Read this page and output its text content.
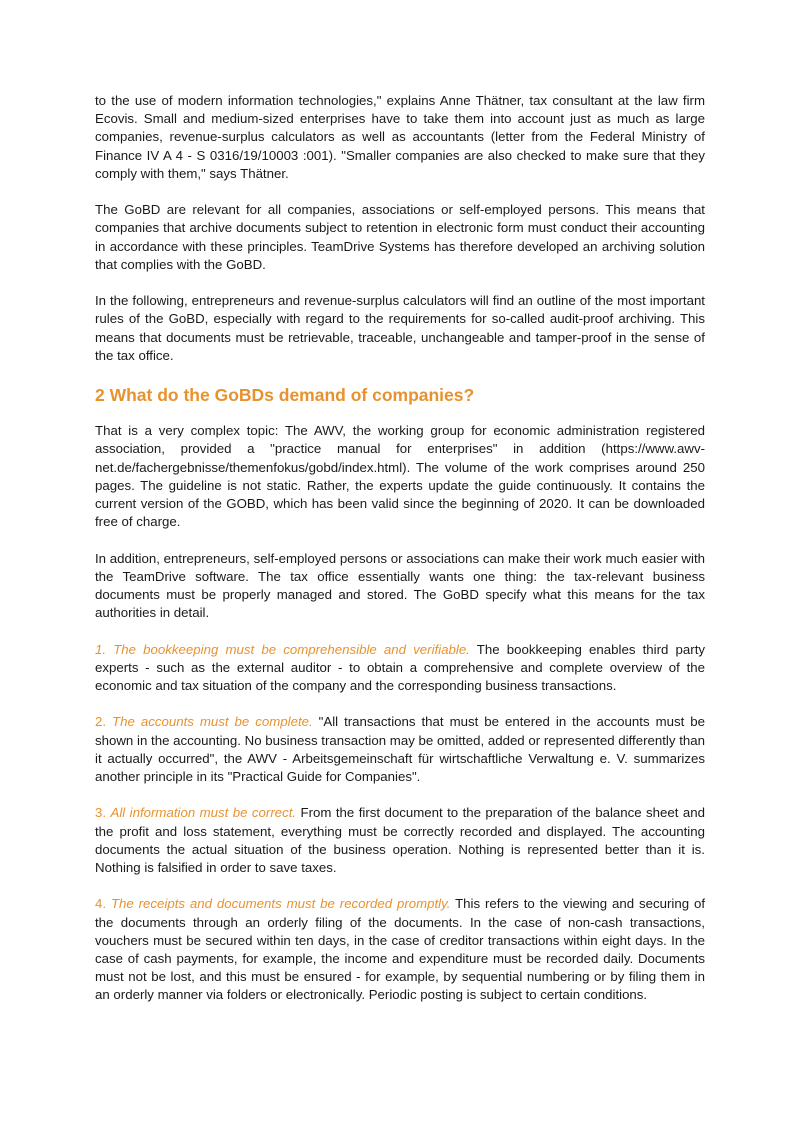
to the use of modern information technologies," explains Anne Thätner, tax consultant at the law firm Ecovis. Small and medium-sized enterprises have to take them into account just as much as large companies, revenue-surplus calculators as well as accountants (letter from the Federal Ministry of Finance IV A 4 - S 0316/19/10003 :001). "Smaller companies are also checked to make sure that they comply with them," says Thätner.

The GoBD are relevant for all companies, associations or self-employed persons. This means that companies that archive documents subject to retention in electronic form must conduct their accounting in accordance with these principles. TeamDrive Systems has therefore developed an archiving solution that complies with the GoBD.

In the following, entrepreneurs and revenue-surplus calculators will find an outline of the most important rules of the GoBD, especially with regard to the requirements for so-called audit-proof archiving. This means that documents must be retrievable, traceable, unchangeable and tamper-proof in the sense of the tax office.

2 What do the GoBDs demand of companies?

That is a very complex topic: The AWV, the working group for economic administration registered association, provided a "practice manual for enterprises" in addition (https://www.awv-net.de/fachergebnisse/themenfokus/gobd/index.html). The volume of the work comprises around 250 pages. The guideline is not static. Rather, the experts update the guide continuously. It contains the current version of the GOBD, which has been valid since the beginning of 2020. It can be downloaded free of charge.

In addition, entrepreneurs, self-employed persons or associations can make their work much easier with the TeamDrive software. The tax office essentially wants one thing: the tax-relevant business documents must be properly managed and stored. The GoBD specify what this means for the tax authorities in detail.

1. The bookkeeping must be comprehensible and verifiable. The bookkeeping enables third party experts - such as the external auditor - to obtain a comprehensive and complete overview of the economic and tax situation of the company and the corresponding business transactions.

2. The accounts must be complete. "All transactions that must be entered in the accounts must be shown in the accounting. No business transaction may be omitted, added or represented differently than it actually occurred", the AWV - Arbeitsgemeinschaft für wirtschaftliche Verwaltung e. V. summarizes another principle in its "Practical Guide for Companies".

3. All information must be correct. From the first document to the preparation of the balance sheet and the profit and loss statement, everything must be correctly recorded and displayed. The accounting documents the actual situation of the business operation. Nothing is represented better than it is. Nothing is falsified in order to save taxes.

4. The receipts and documents must be recorded promptly. This refers to the viewing and securing of the documents through an orderly filing of the documents. In the case of non-cash transactions, vouchers must be secured within ten days, in the case of creditor transactions within eight days. In the case of cash payments, for example, the income and expenditure must be recorded daily. Documents must not be lost, and this must be ensured - for example, by sequential numbering or by filing them in an orderly manner via folders or electronically. Periodic posting is subject to certain conditions.
